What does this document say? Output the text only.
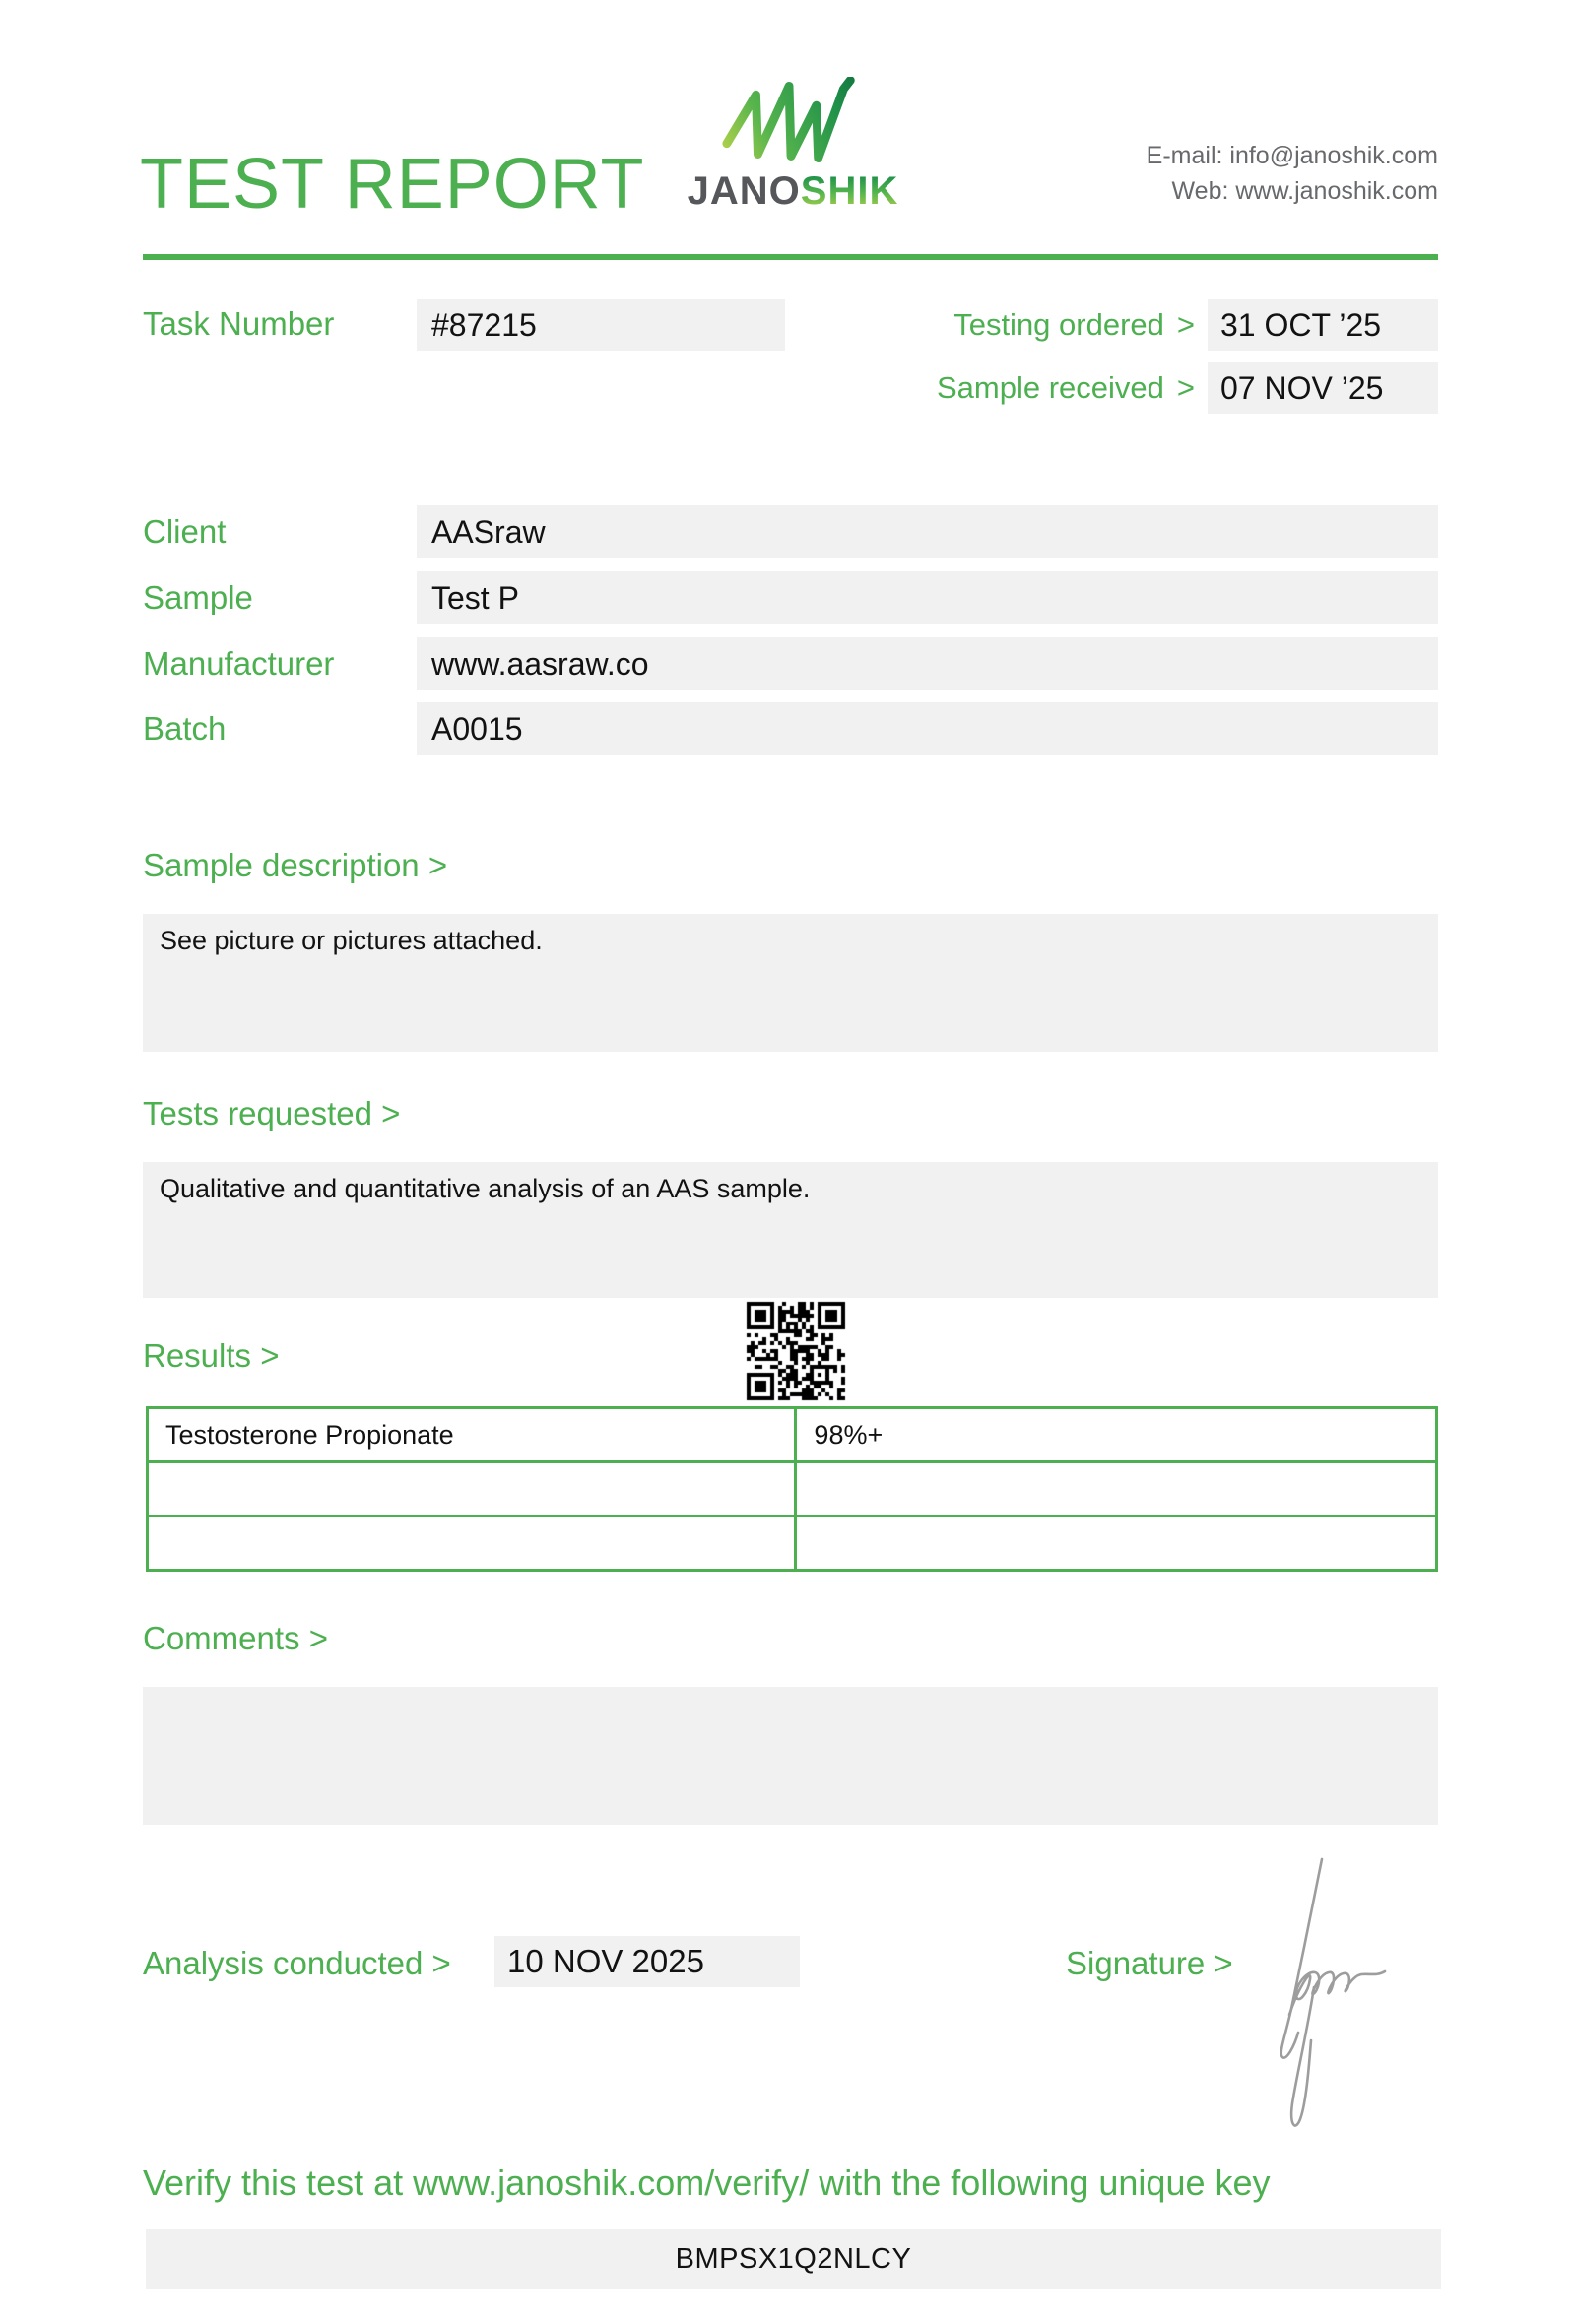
TEST REPORT JANOSHIK
E-mail: info@janoshik.com
Web: www.janoshik.com
Task Number	#87215	Testing ordered > 31 OCT ’25
Sample received > 07 NOV ’25
Client	AASraw
Sample	Test P
Manufacturer	www.aasraw.co
Batch	A0015
Sample description >
See picture or pictures attached.
Tests requested >
Qualitative and quantitative analysis of an AAS sample.
Results >
Testosterone Propionate	98%+

Comments >
Analysis conducted >	10 NOV 2025	Signature >
Verify this test at www.janoshik.com/verify/ with the following unique key
BMPSX1Q2NLCY
